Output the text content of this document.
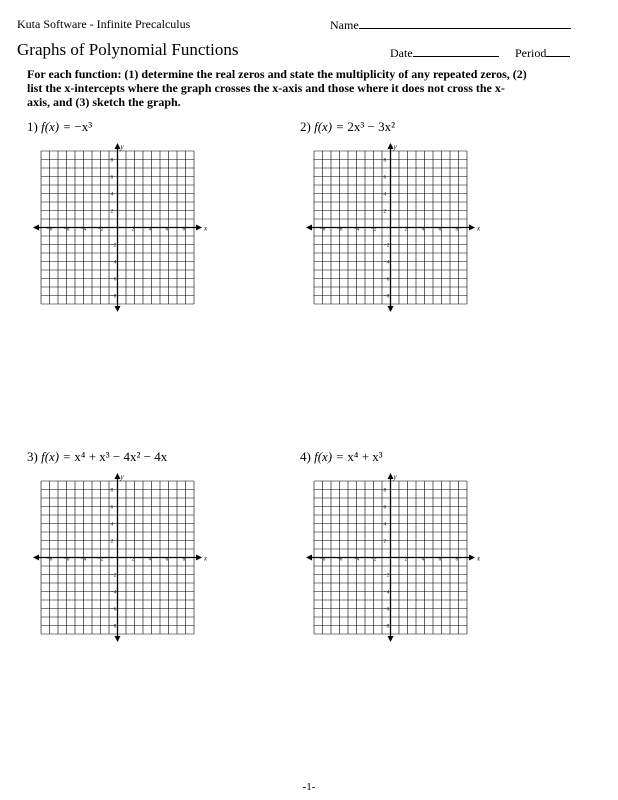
Kuta Software - Infinite Precalculus	Name
Graphs of Polynomial Functions	Date	Period
For each function: (1) determine the real zeros and state the multiplicity of any repeated zeros, (2) list the x-intercepts where the graph crosses the x-axis and those where it does not cross the x-axis, and (3) sketch the graph.
1) f(x) = −x³	2) f(x) = 2x³ − 3x²
3) f(x) = x⁴ + x³ − 4x² − 4x	4) f(x) = x⁴ + x³
x
y
−8 −6 −4 −2	2	4	6	8
8
6
4
2
−2
−4
−6
−8
x
y
−8 −6 −4 −2	2	4	6	8
8
6
4
2
−2
−4
−6
−8
x
y
−8 −6 −4 −2	2	4	6	8
8
6
4
2
−2
−4
−6
−8
x
y
−8 −6 −4 −2	2	4	6	8
8
6
4
2
−2
−4
−6
−8
-1-
